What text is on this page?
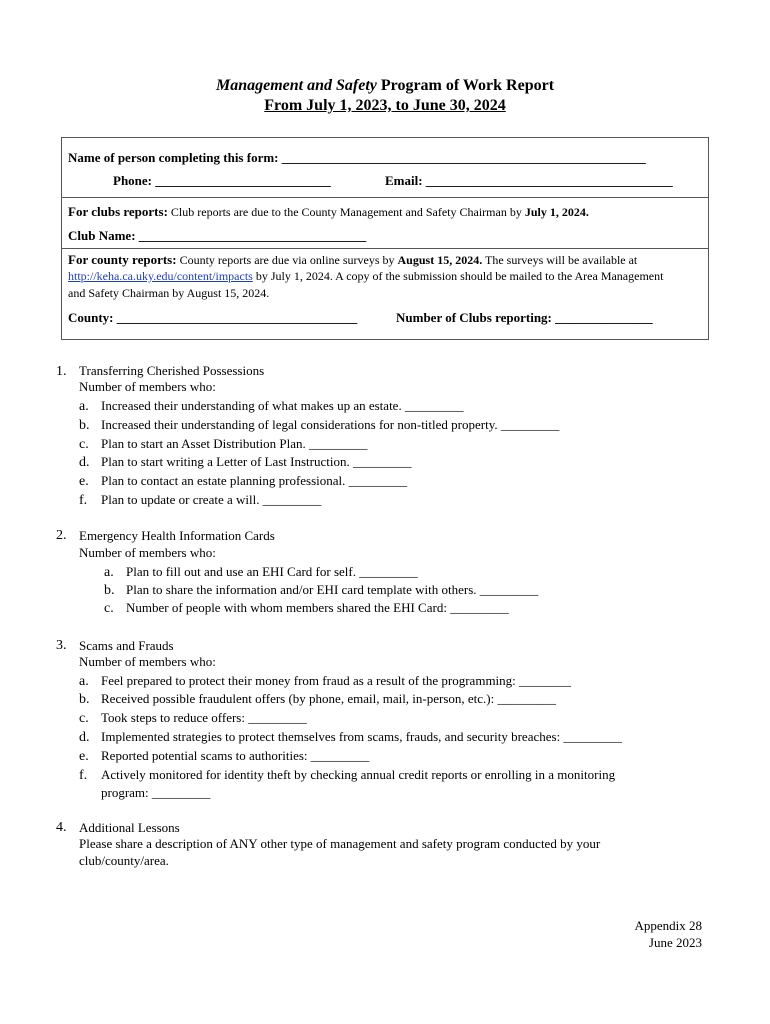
Management and Safety Program of Work Report
From July 1, 2023, to June 30, 2024
Name of person completing this form: ________________________________________________________
Phone: ___________________________	Email: ______________________________________
For clubs reports: Club reports are due to the County Management and Safety Chairman by July 1, 2024.
Club Name: ___________________________________
For county reports: County reports are due via online surveys by August 15, 2024. The surveys will be available at
http://keha.ca.uky.edu/content/impacts by July 1, 2024. A copy of the submission should be mailed to the Area Management
and Safety Chairman by August 15, 2024.
County: _____________________________________	Number of Clubs reporting: _______________
1. Transferring Cherished Possessions
Number of members who:
a. Increased their understanding of what makes up an estate. _________
b. Increased their understanding of legal considerations for non-titled property. _________
c. Plan to start an Asset Distribution Plan. _________
d. Plan to start writing a Letter of Last Instruction. _________
e. Plan to contact an estate planning professional. _________
f. Plan to update or create a will. _________
2. Emergency Health Information Cards
Number of members who:
a. Plan to fill out and use an EHI Card for self. _________
b. Plan to share the information and/or EHI card template with others. _________
c. Number of people with whom members shared the EHI Card: _________
3. Scams and Frauds
Number of members who:
a. Feel prepared to protect their money from fraud as a result of the programming: ________
b. Received possible fraudulent offers (by phone, email, mail, in-person, etc.): _________
c. Took steps to reduce offers: _________
d. Implemented strategies to protect themselves from scams, frauds, and security breaches: _________
e. Reported potential scams to authorities: _________
f. Actively monitored for identity theft by checking annual credit reports or enrolling in a monitoring
program: _________
4. Additional Lessons
Please share a description of ANY other type of management and safety program conducted by your
club/county/area.
Appendix 28
June 2023
